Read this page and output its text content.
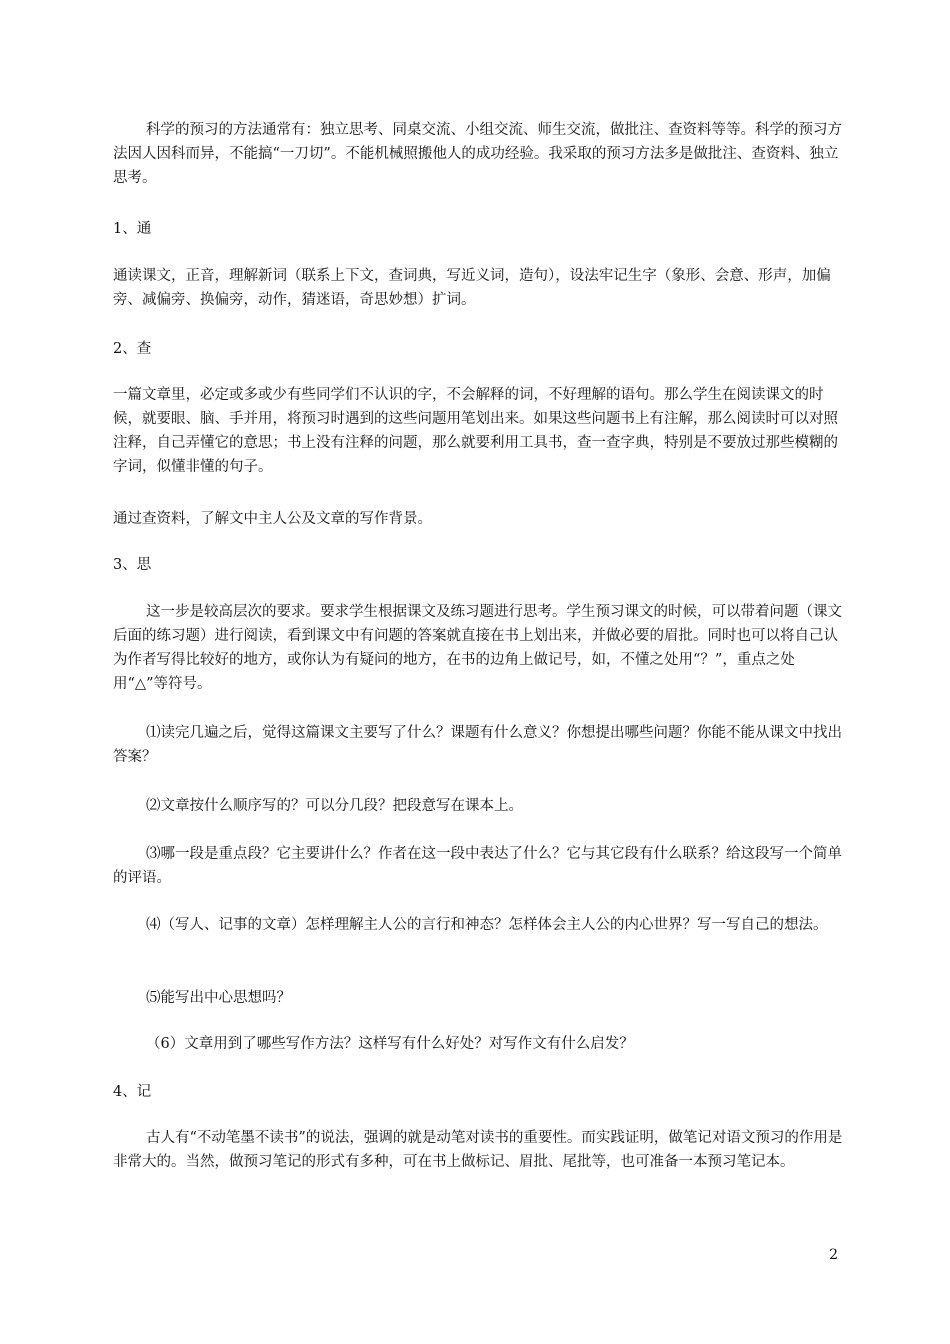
科学的预习的方法通常有：独立思考、同桌交流、小组交流、师生交流，做批注、查资料等等。科学的预习方法因人因科而异，不能搞“一刀切”。不能机械照搬他人的成功经验。我采取的预习方法多是做批注、查资料、独立思考。

1、通

通读课文，正音，理解新词（联系上下文，查词典，写近义词，造句），设法牢记生字（象形、会意、形声，加偏旁、减偏旁、换偏旁，动作，猜迷语，奇思妙想）扩词。

2、查

一篇文章里，必定或多或少有些同学们不认识的字，不会解释的词，不好理解的语句。那么学生在阅读课文的时候，就要眼、脑、手并用，将预习时遇到的这些问题用笔划出来。如果这些问题书上有注解，那么阅读时可以对照注释，自己弄懂它的意思；书上没有注释的问题，那么就要利用工具书，查一查字典，特别是不要放过那些模糊的字词，似懂非懂的句子。

通过查资料，了解文中主人公及文章的写作背景。

3、思

这一步是较高层次的要求。要求学生根据课文及练习题进行思考。学生预习课文的时候，可以带着问题（课文后面的练习题）进行阅读，看到课文中有问题的答案就直接在书上划出来，并做必要的眉批。同时也可以将自己认为作者写得比较好的地方，或你认为有疑问的地方，在书的边角上做记号，如，不懂之处用“？”，重点之处用“△”等符号。

⑴读完几遍之后，觉得这篇课文主要写了什么？课题有什么意义？你想提出哪些问题？你能不能从课文中找出答案？

⑵文章按什么顺序写的？可以分几段？把段意写在课本上。

⑶哪一段是重点段？它主要讲什么？作者在这一段中表达了什么？它与其它段有什么联系？给这段写一个简单的评语。

⑷（写人、记事的文章）怎样理解主人公的言行和神态？怎样体会主人公的内心世界？写一写自己的想法。

⑸能写出中心思想吗？

（6）文章用到了哪些写作方法？这样写有什么好处？对写作文有什么启发？

4、记

古人有“不动笔墨不读书”的说法，强调的就是动笔对读书的重要性。而实践证明，做笔记对语文预习的作用是非常大的。当然，做预习笔记的形式有多种，可在书上做标记、眉批、尾批等，也可准备一本预习笔记本。

2
